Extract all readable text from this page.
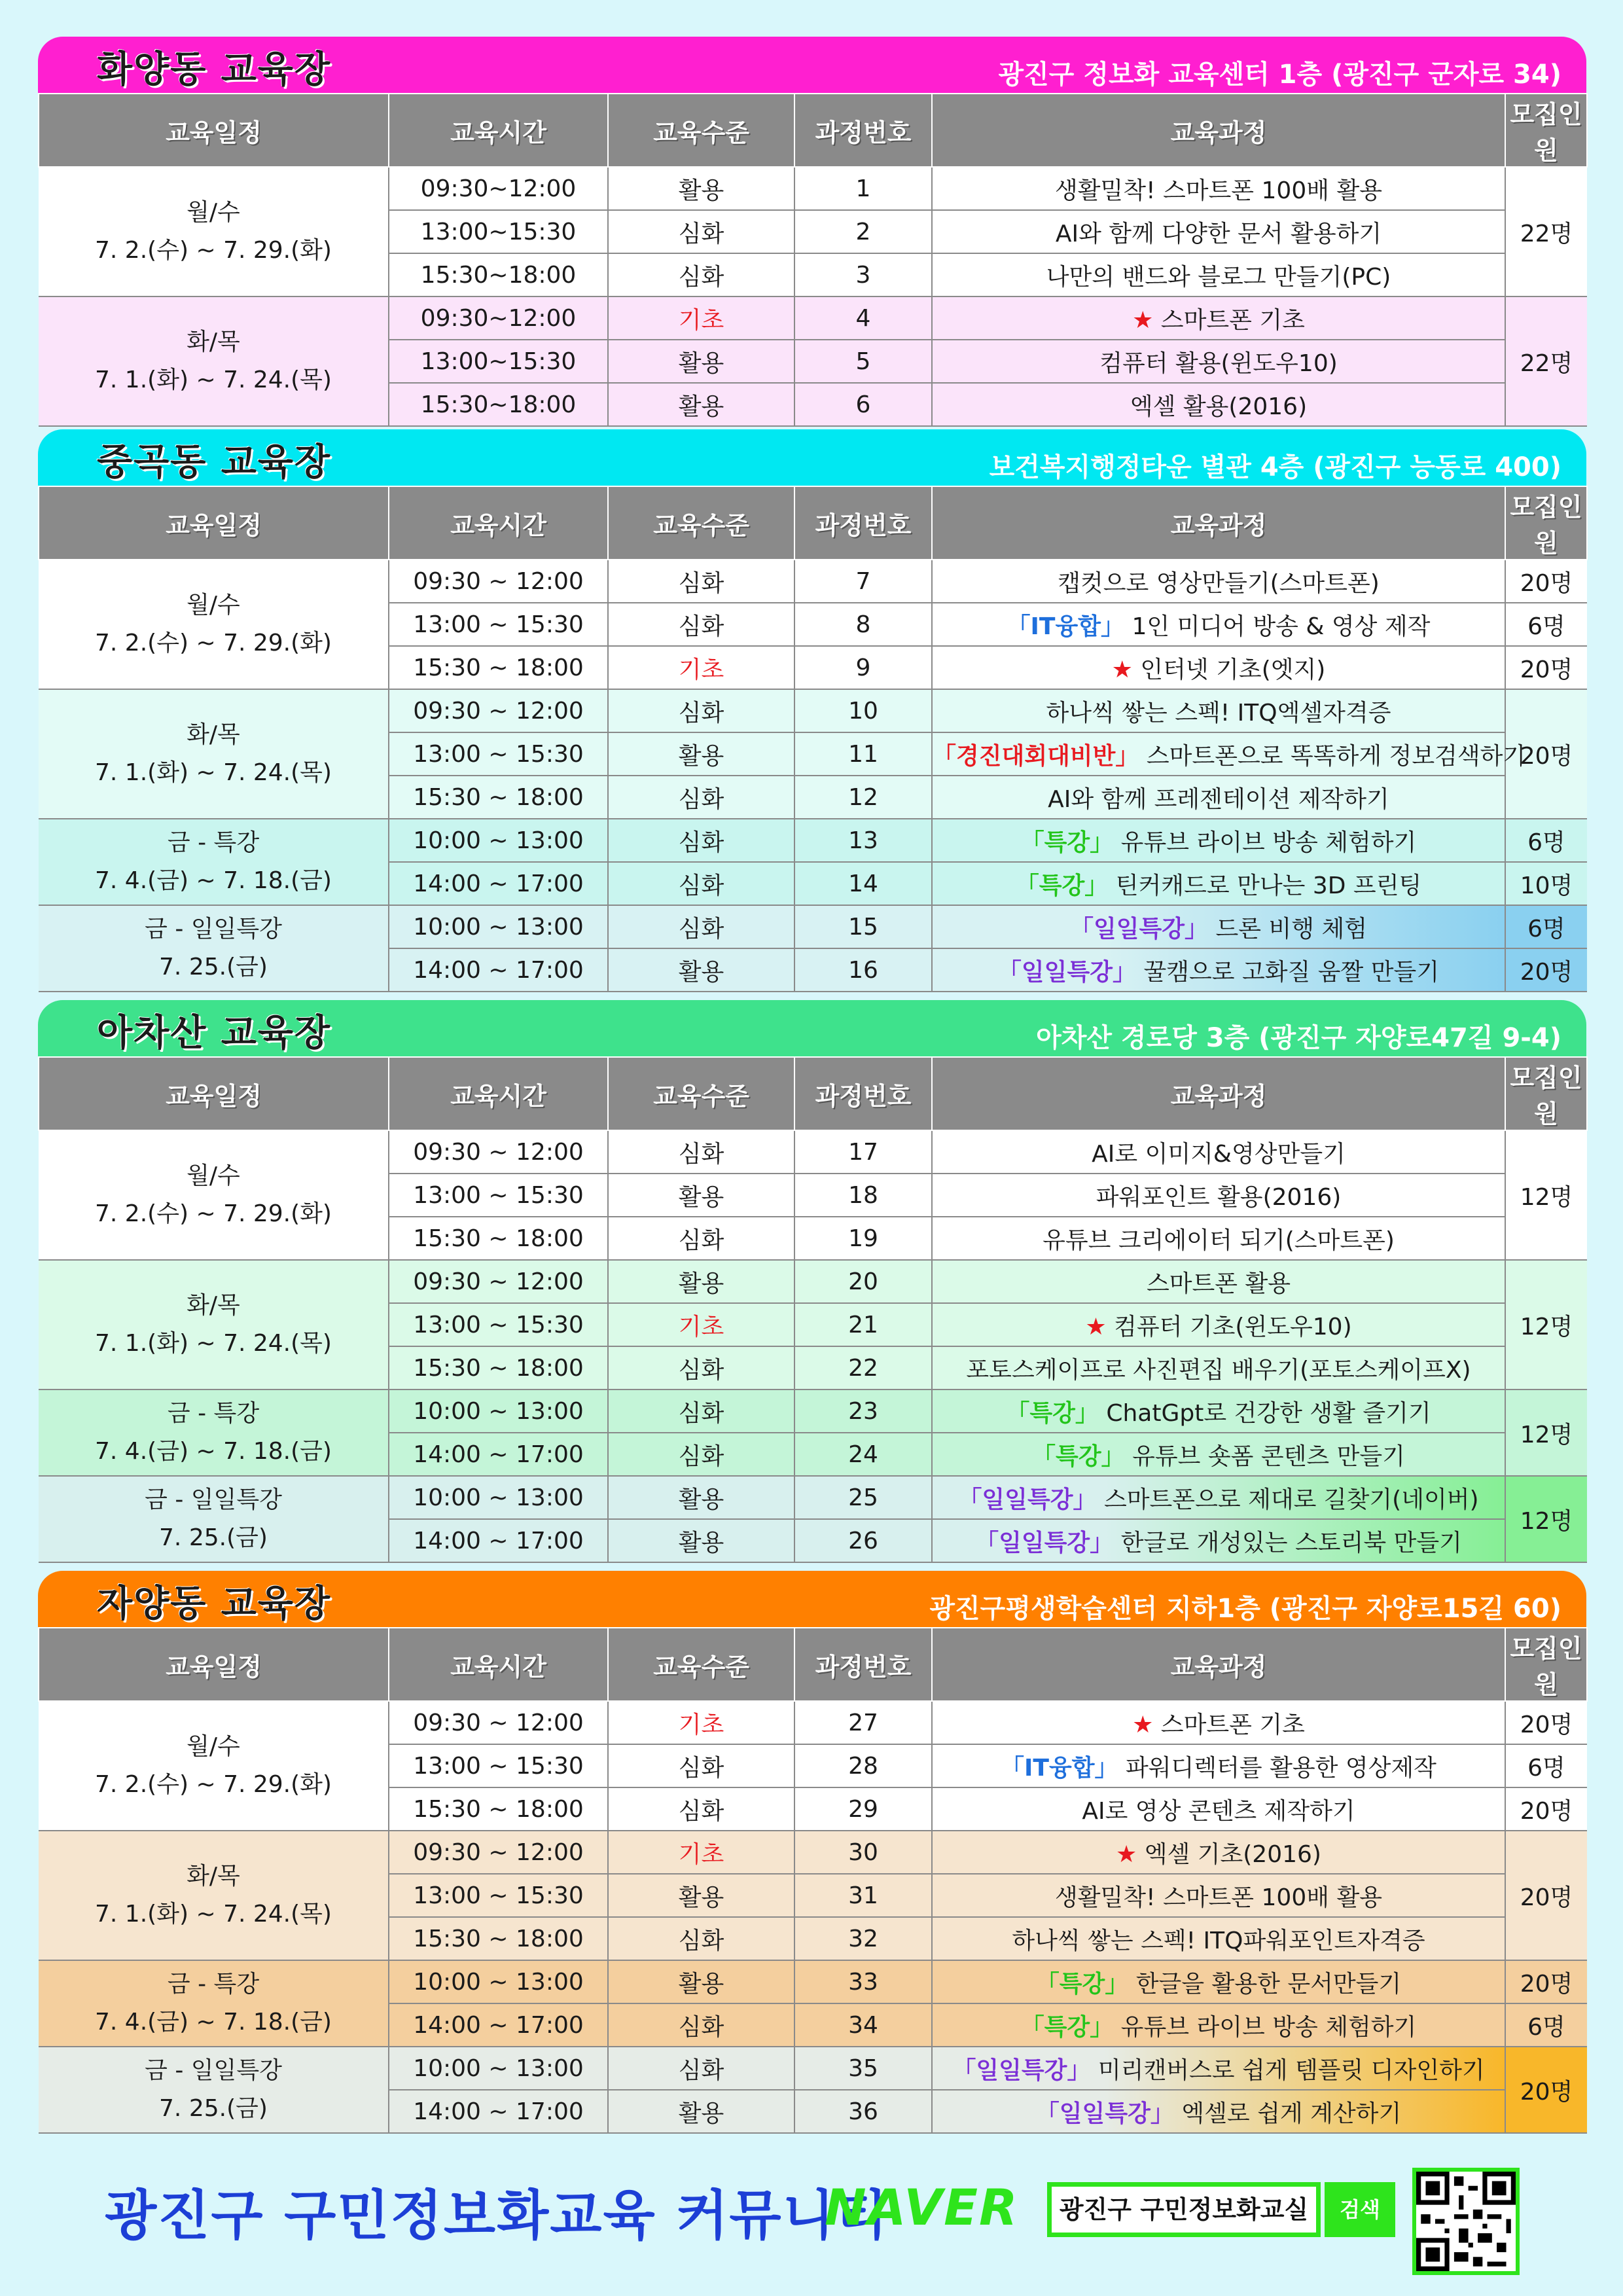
화양동 교육장	광진구 정보화 교육센터 1층 (광진구 군자로 34)
교육일정	교육시간	교육수준	과정번호	교육과정	모집인원

월/수
7. 2.(수) ~ 7. 29.(화)	09:30~12:00	활용	1	생활밀착! 스마트폰 100배 활용	22명
	13:00~15:30	심화	2	AI와 함께 다양한 문서 활용하기	
	15:30~18:00	심화	3	나만의 밴드와 블로그 만들기(PC)	

화/목
7. 1.(화) ~ 7. 24.(목)	09:30~12:00	기초	4	★ 스마트폰 기초	22명
	13:00~15:30	활용	5	컴퓨터 활용(윈도우10)	
	15:30~18:00	활용	6	엑셀 활용(2016)	
중곡동 교육장	보건복지행정타운 별관 4층 (광진구 능동로 400)
교육일정	교육시간	교육수준	과정번호	교육과정	모집인원

월/수
7. 2.(수) ~ 7. 29.(화)	09:30 ~ 12:00	심화	7	캡컷으로 영상만들기(스마트폰)	20명
	13:00 ~ 15:30	심화	8	「IT융합」 1인 미디어 방송 & 영상 제작	6명
	15:30 ~ 18:00	기초	9	★ 인터넷 기초(엣지)	20명

화/목
7. 1.(화) ~ 7. 24.(목)	09:30 ~ 12:00	심화	10	하나씩 쌓는 스펙! ITQ엑셀자격증	20명
	13:00 ~ 15:30	활용	11	「경진대회대비반」 스마트폰으로 똑똑하게 정보검색하기	
	15:30 ~ 18:00	심화	12	AI와 함께 프레젠테이션 제작하기	

금 - 특강
7. 4.(금) ~ 7. 18.(금)	10:00 ~ 13:00	심화	13	「특강」 유튜브 라이브 방송 체험하기	6명
	14:00 ~ 17:00	심화	14	「특강」 틴커캐드로 만나는 3D 프린팅	10명

금 - 일일특강
7. 25.(금)	10:00 ~ 13:00	심화	15	「일일특강」 드론 비행 체험	6명
	14:00 ~ 17:00	활용	16	「일일특강」 꿀캠으로 고화질 움짤 만들기	20명
아차산 교육장	아차산 경로당 3층 (광진구 자양로47길 9-4)
교육일정	교육시간	교육수준	과정번호	교육과정	모집인원

월/수
7. 2.(수) ~ 7. 29.(화)	09:30 ~ 12:00	심화	17	AI로 이미지&영상만들기	12명
	13:00 ~ 15:30	활용	18	파워포인트 활용(2016)	
	15:30 ~ 18:00	심화	19	유튜브 크리에이터 되기(스마트폰)	

화/목
7. 1.(화) ~ 7. 24.(목)	09:30 ~ 12:00	활용	20	스마트폰 활용	12명
	13:00 ~ 15:30	기초	21	★ 컴퓨터 기초(윈도우10)	
	15:30 ~ 18:00	심화	22	포토스케이프로 사진편집 배우기(포토스케이프X)	

금 - 특강
7. 4.(금) ~ 7. 18.(금)	10:00 ~ 13:00	심화	23	「특강」 ChatGpt로 건강한 생활 즐기기	12명
	14:00 ~ 17:00	심화	24	「특강」 유튜브 숏폼 콘텐츠 만들기	

금 - 일일특강
7. 25.(금)	10:00 ~ 13:00	활용	25	「일일특강」 스마트폰으로 제대로 길찾기(네이버)	12명
	14:00 ~ 17:00	활용	26	「일일특강」 한글로 개성있는 스토리북 만들기	
자양동 교육장	광진구평생학습센터 지하1층 (광진구 자양로15길 60)
교육일정	교육시간	교육수준	과정번호	교육과정	모집인원

월/수
7. 2.(수) ~ 7. 29.(화)	09:30 ~ 12:00	기초	27	★ 스마트폰 기초	20명
	13:00 ~ 15:30	심화	28	「IT융합」 파워디렉터를 활용한 영상제작	6명
	15:30 ~ 18:00	심화	29	AI로 영상 콘텐츠 제작하기	20명

화/목
7. 1.(화) ~ 7. 24.(목)	09:30 ~ 12:00	기초	30	★ 엑셀 기초(2016)	20명
	13:00 ~ 15:30	활용	31	생활밀착! 스마트폰 100배 활용	
	15:30 ~ 18:00	심화	32	하나씩 쌓는 스펙! ITQ파워포인트자격증	

금 - 특강
7. 4.(금) ~ 7. 18.(금)	10:00 ~ 13:00	활용	33	「특강」 한글을 활용한 문서만들기	20명
	14:00 ~ 17:00	심화	34	「특강」 유튜브 라이브 방송 체험하기	6명

금 - 일일특강
7. 25.(금)	10:00 ~ 13:00	심화	35	「일일특강」 미리캔버스로 쉽게 템플릿 디자인하기	20명
	14:00 ~ 17:00	활용	36	「일일특강」 엑셀로 쉽게 계산하기	
광진구 구민정보화교육 커뮤니티
NAVER	광진구 구민정보화교실	검색
